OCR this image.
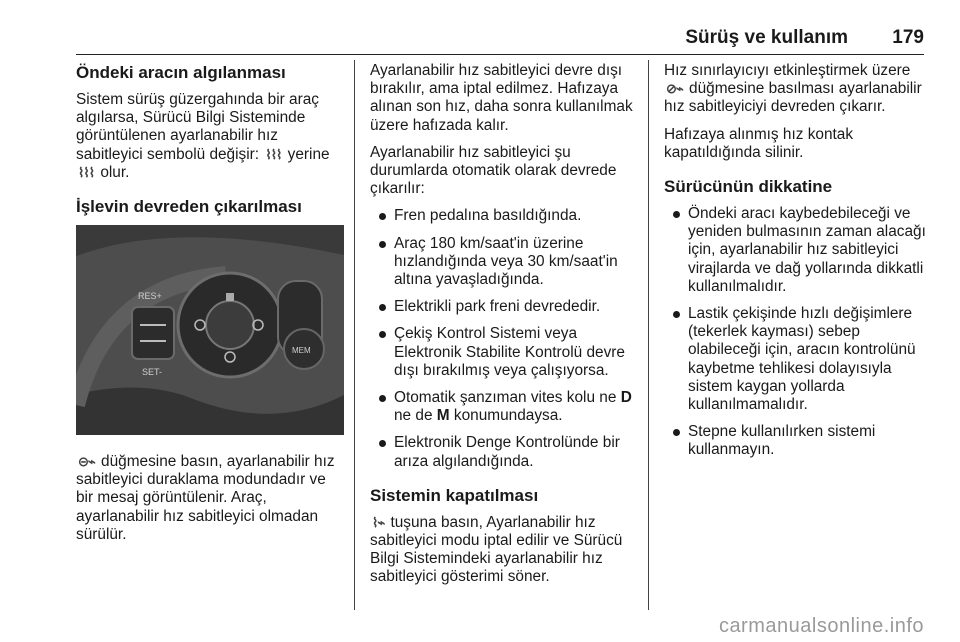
Sürüş ve kullanım 179
Öndeki aracın algılanması

Sistem sürüş güzergahında bir araç algılarsa, Sürücü Bilgi Sisteminde görüntülenen ayarlanabilir hız sabitleyici sembolü değişir: ⌇⌇⌇ yerine ⌇⌇⌇ olur.

İşlevin devreden çıkarılması
RES+
SET-
MEM

⊝⌁ düğmesine basın, ayarlanabilir hız sabitleyici duraklama modundadır ve bir mesaj görüntülenir. Araç, ayarlanabilir hız sabitleyici olmadan sürülür.

Ayarlanabilir hız sabitleyici devre dışı bırakılır, ama iptal edilmez. Hafızaya alınan son hız, daha sonra kullanılmak üzere hafızada kalır.

Ayarlanabilir hız sabitleyici şu durumlarda otomatik olarak devrede çıkarılır:

Fren pedalına basıldığında.
Araç 180 km/saat'in üzerine hızlandığında veya 30 km/saat'in altına yavaşladığında.
Elektrikli park freni devrededir.
Çekiş Kontrol Sistemi veya Elektronik Stabilite Kontrolü devre dışı bırakılmış veya çalışıyorsa.
Otomatik şanzıman vites kolu ne D ne de M konumundaysa.
Elektronik Denge Kontrolünde bir arıza algılandığında.
Sistemin kapatılması

⌇⌁ tuşuna basın, Ayarlanabilir hız sabitleyici modu iptal edilir ve Sürücü Bilgi Sistemindeki ayarlanabilir hız sabitleyici gösterimi söner.

Hız sınırlayıcıyı etkinleştirmek üzere ⊘⌁ düğmesine basılması ayarlanabilir hız sabitleyiciyi devreden çıkarır.

Hafızaya alınmış hız kontak kapatıldığında silinir.

Sürücünün dikkatine
Öndeki aracı kaybedebileceği ve yeniden bulmasının zaman alacağı için, ayarlanabilir hız sabitleyici virajlarda ve dağ yollarında dikkatli kullanılmalıdır.
Lastik çekişinde hızlı değişimlere (tekerlek kayması) sebep olabileceği için, aracın kontrolünü kaybetme tehlikesi dolayısıyla sistem kaygan yollarda kullanılmamalıdır.
Stepne kullanılırken sistemi kullanmayın.
carmanualsonline.info
